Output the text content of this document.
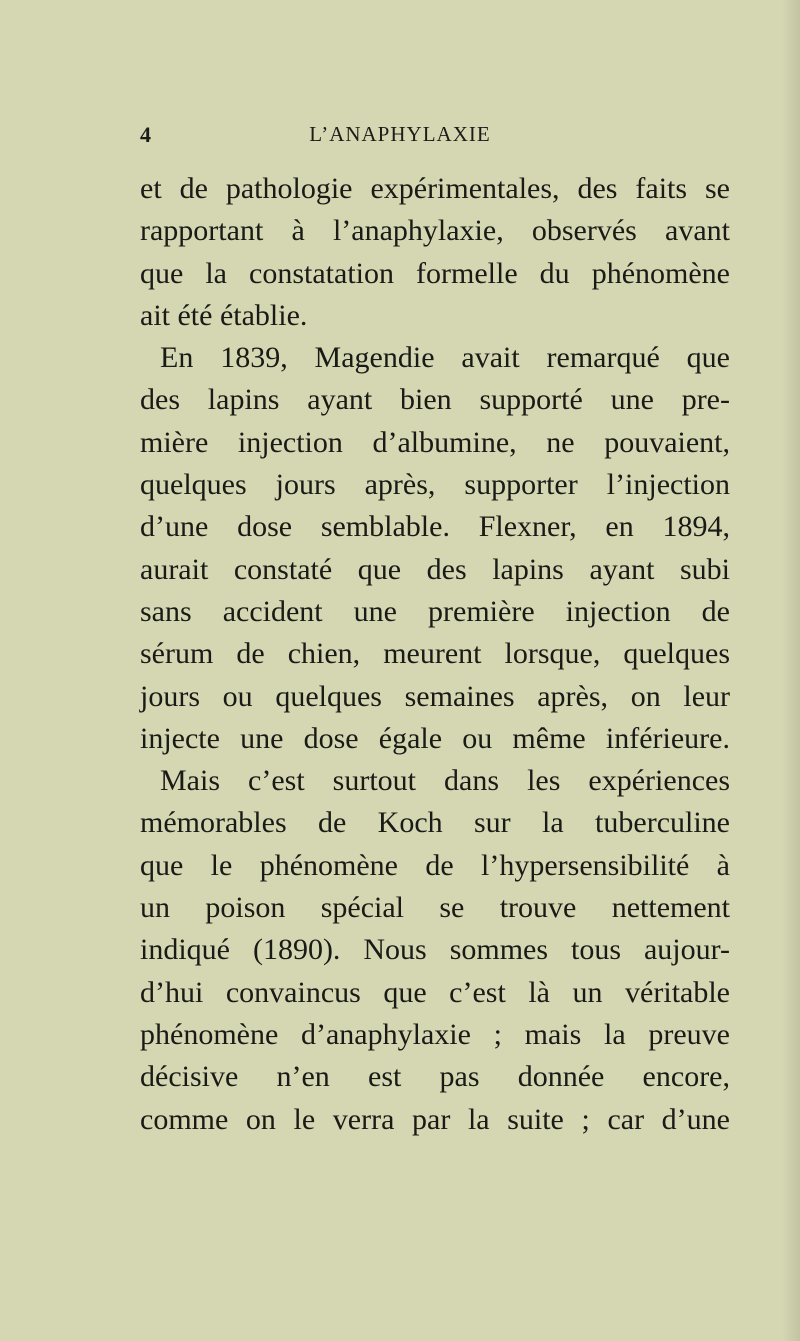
4	L’ANAPHYLAXIE
et de pathologie expérimentales, des faits se
rapportant à l’anaphylaxie, observés avant
que la constatation formelle du phénomène
ait été établie.
En 1839, Magendie avait remarqué que
des lapins ayant bien supporté une pre-
mière injection d’albumine, ne pouvaient,
quelques jours après, supporter l’injection
d’une dose semblable. Flexner, en 1894,
aurait constaté que des lapins ayant subi
sans accident une première injection de
sérum de chien, meurent lorsque, quelques
jours ou quelques semaines après, on leur
injecte une dose égale ou même inférieure.
Mais c’est surtout dans les expériences
mémorables de Koch sur la tuberculine
que le phénomène de l’hypersensibilité à
un poison spécial se trouve nettement
indiqué (1890). Nous sommes tous aujour-
d’hui convaincus que c’est là un véritable
phénomène d’anaphylaxie ; mais la preuve
décisive n’en est pas donnée encore,
comme on le verra par la suite ; car d’une
